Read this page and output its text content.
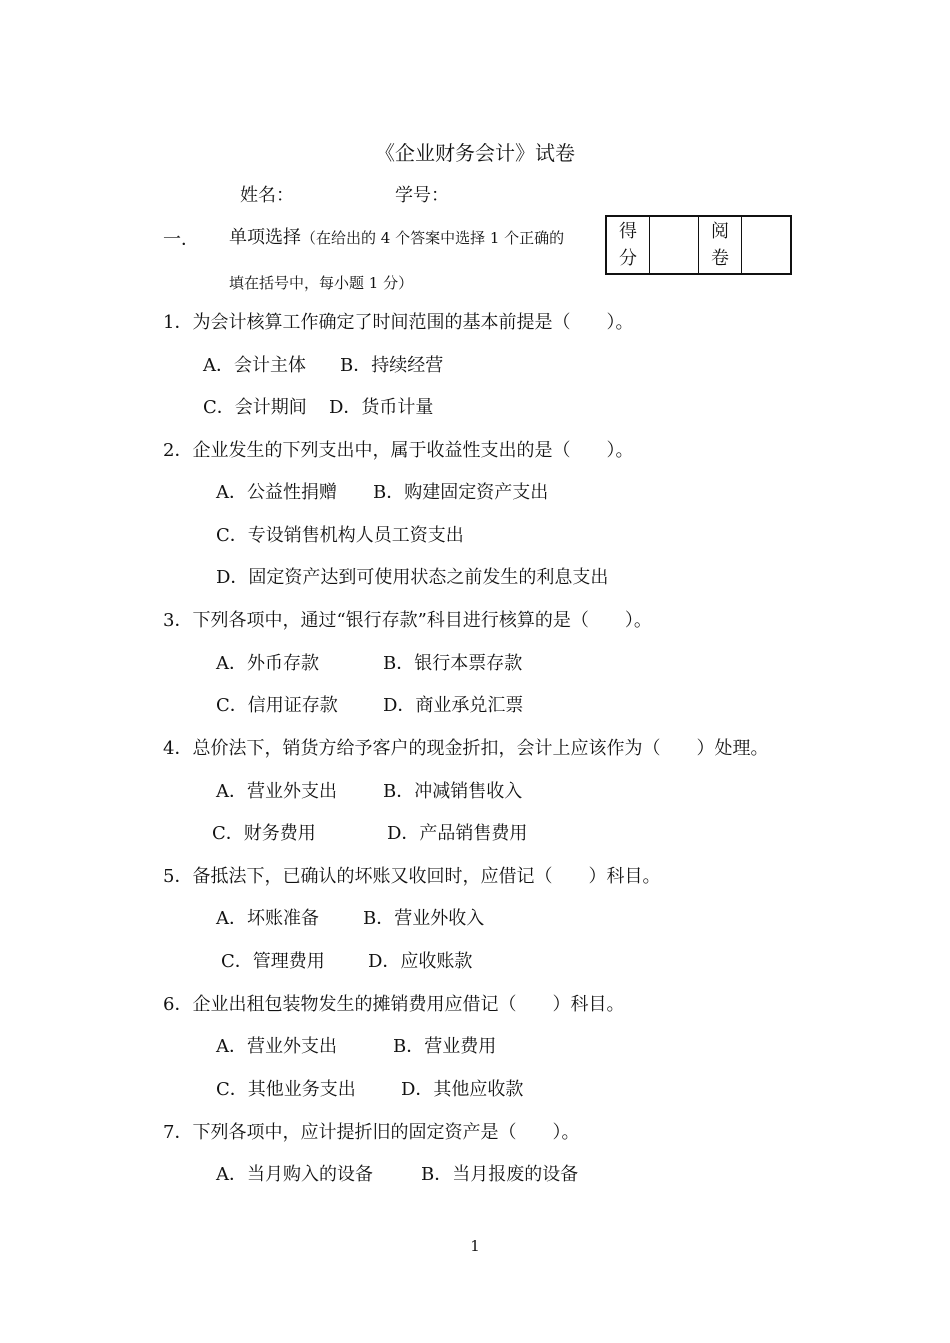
《企业财务会计》试卷
姓名：	学号：
一． 单项选择（在给出的 4 个答案中选择 1 个正确的
填在括号中，每小题 1 分）
得
分		阅
卷	
1．为会计核算工作确定了时间范围的基本前提是（　　）。
A．会计主体 B．持续经营
C．会计期间 D．货币计量
2．企业发生的下列支出中，属于收益性支出的是（　　）。
A．公益性捐赠 B．购建固定资产支出
C．专设销售机构人员工资支出
D．固定资产达到可使用状态之前发生的利息支出
3．下列各项中，通过“银行存款”科目进行核算的是（　　）。
A．外币存款	B．银行本票存款
C．信用证存款	D．商业承兑汇票
4．总价法下，销货方给予客户的现金折扣，会计上应该作为（　　）处理。
A．营业外支出	B．冲减销售收入
C．财务费用	D．产品销售费用
5．备抵法下，已确认的坏账又收回时，应借记（　　）科目。
A．坏账准备 B．营业外收入
C．管理费用 D．应收账款
6．企业出租包装物发生的摊销费用应借记（　　）科目。
A．营业外支出	B．营业费用
C．其他业务支出	D．其他应收款
7．下列各项中，应计提折旧的固定资产是（　　）。
A．当月购入的设备	B．当月报废的设备
1
